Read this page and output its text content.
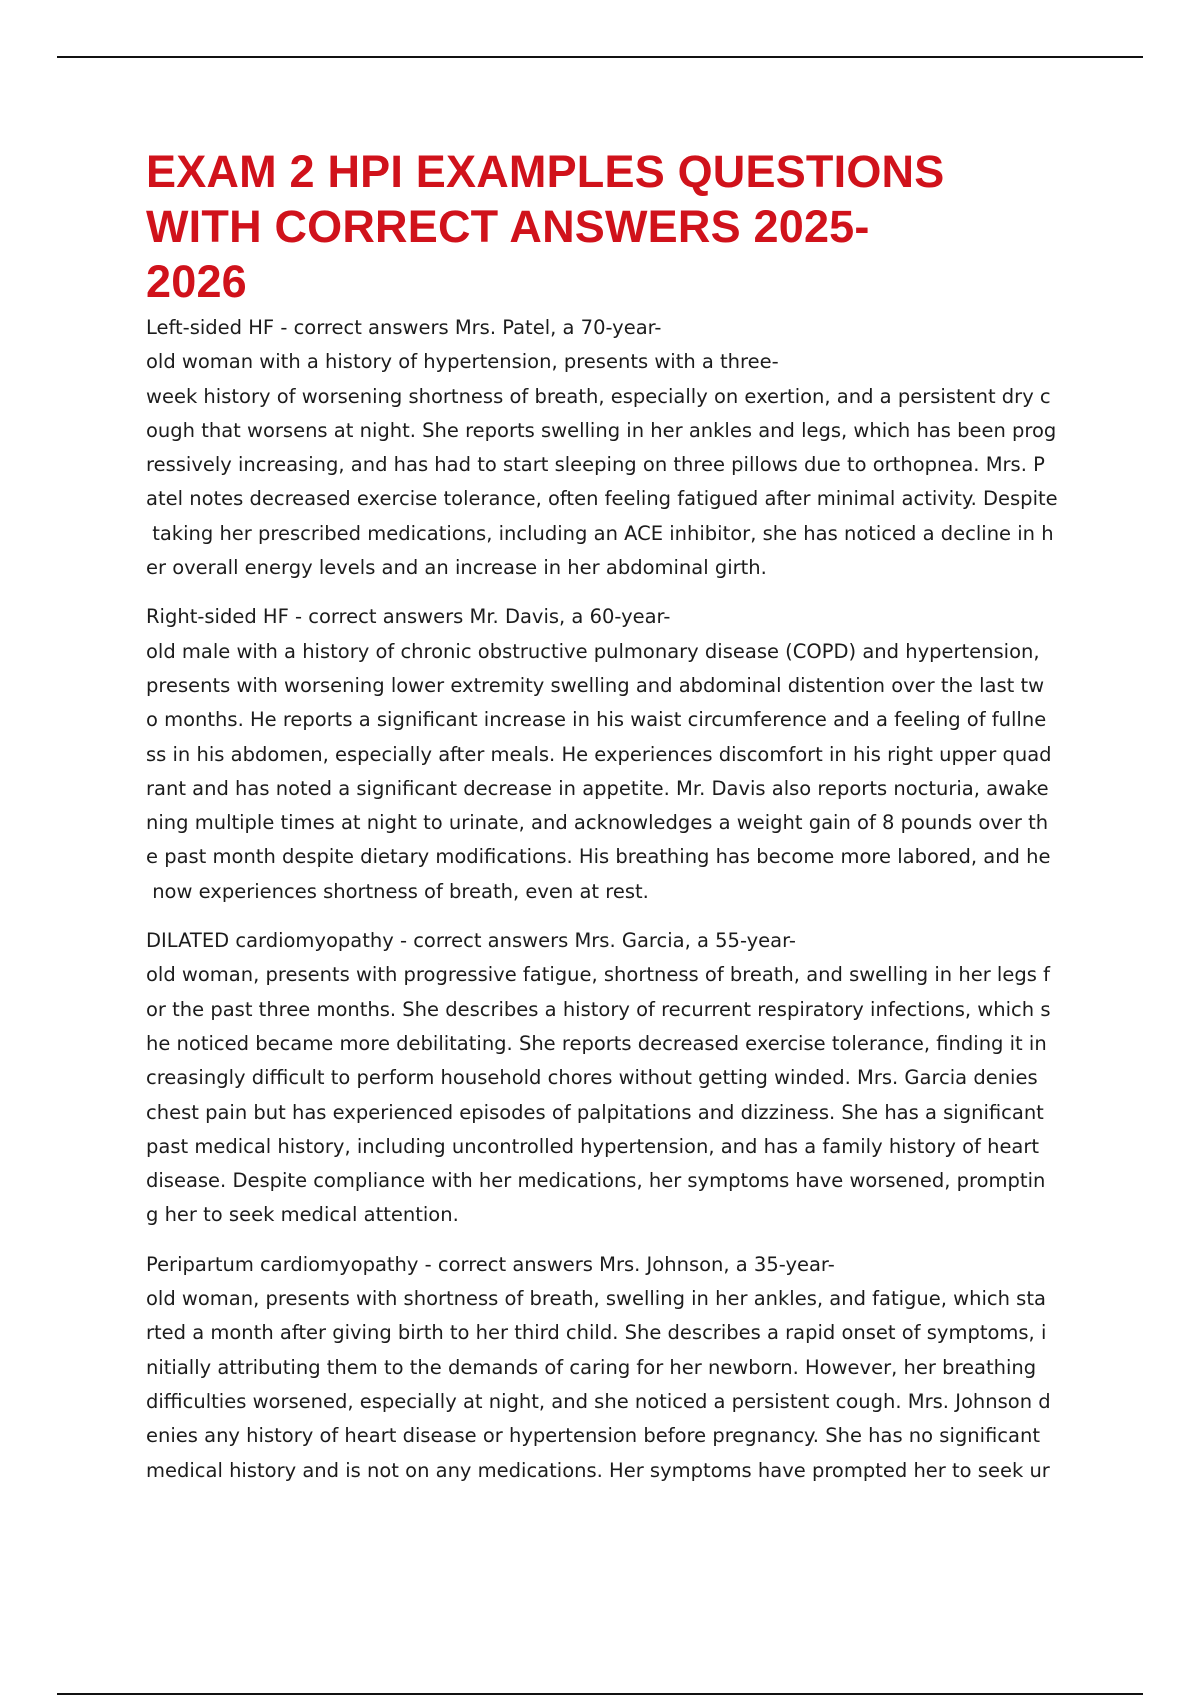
EXAM 2 HPI EXAMPLES QUESTIONS
WITH CORRECT ANSWERS 2025-
2026

Left-sided HF - correct answers Mrs. Patel, a 70-year-
old woman with a history of hypertension, presents with a three-
week history of worsening shortness of breath, especially on exertion, and a persistent dry c
ough that worsens at night. She reports swelling in her ankles and legs, which has been prog
ressively increasing, and has had to start sleeping on three pillows due to orthopnea. Mrs. P
atel notes decreased exercise tolerance, often feeling fatigued after minimal activity. Despite
taking her prescribed medications, including an ACE inhibitor, she has noticed a decline in h
er overall energy levels and an increase in her abdominal girth.

Right-sided HF - correct answers Mr. Davis, a 60-year-
old male with a history of chronic obstructive pulmonary disease (COPD) and hypertension,
presents with worsening lower extremity swelling and abdominal distention over the last tw
o months. He reports a significant increase in his waist circumference and a feeling of fullne
ss in his abdomen, especially after meals. He experiences discomfort in his right upper quad
rant and has noted a significant decrease in appetite. Mr. Davis also reports nocturia, awake
ning multiple times at night to urinate, and acknowledges a weight gain of 8 pounds over th
e past month despite dietary modifications. His breathing has become more labored, and he
now experiences shortness of breath, even at rest.

DILATED cardiomyopathy - correct answers Mrs. Garcia, a 55-year-
old woman, presents with progressive fatigue, shortness of breath, and swelling in her legs f
or the past three months. She describes a history of recurrent respiratory infections, which s
he noticed became more debilitating. She reports decreased exercise tolerance, finding it in
creasingly difficult to perform household chores without getting winded. Mrs. Garcia denies
chest pain but has experienced episodes of palpitations and dizziness. She has a significant
past medical history, including uncontrolled hypertension, and has a family history of heart
disease. Despite compliance with her medications, her symptoms have worsened, promptin
g her to seek medical attention.

Peripartum cardiomyopathy - correct answers Mrs. Johnson, a 35-year-
old woman, presents with shortness of breath, swelling in her ankles, and fatigue, which sta
rted a month after giving birth to her third child. She describes a rapid onset of symptoms, i
nitially attributing them to the demands of caring for her newborn. However, her breathing
difficulties worsened, especially at night, and she noticed a persistent cough. Mrs. Johnson d
enies any history of heart disease or hypertension before pregnancy. She has no significant
medical history and is not on any medications. Her symptoms have prompted her to seek ur
